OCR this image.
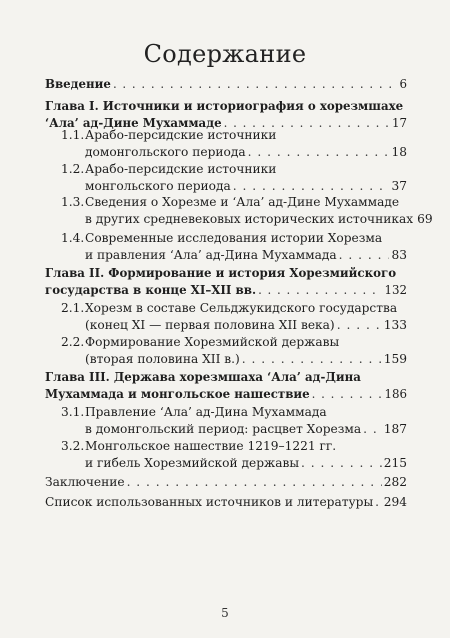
Содержание
Введение . . .	6
Глава I. Источники и историография о хорезмшахе
‘Ала’ ад-Дине Мухаммаде . . .	17
1.1. Арабо-персидские источники
домонгольского периода . . .	18
1.2. Арабо-персидские источники
монгольского периода . . .	37
1.3. Сведения о Хорезме и ‘Ала’ ад-Дине Мухаммаде
в других средневековых исторических источниках 69
1.4. Современные исследования истории Хорезма
и правления ‘Ала’ ад-Дина Мухаммада . . .	83
Глава II. Формирование и история Хорезмийского
государства в конце XI–XII вв. . . .	132
2.1. Хорезм в составе Сельджукидского государства
(конец XI — первая половина XII века) . . .	133
2.2. Формирование Хорезмийской державы
(вторая половина XII в.) . . .	159
Глава III. Держава хорезмшаха ‘Ала’ ад-Дина
Мухаммада и монгольское нашествие . . .	186
3.1. Правление ‘Ала’ ад-Дина Мухаммада
в домонгольский период: расцвет Хорезма . . . 187
3.2. Монгольское нашествие 1219–1221 гг.
и гибель Хорезмийской державы . . .	215
Заключение . . .	282
Список использованных источников и литературы . . . 294
5
